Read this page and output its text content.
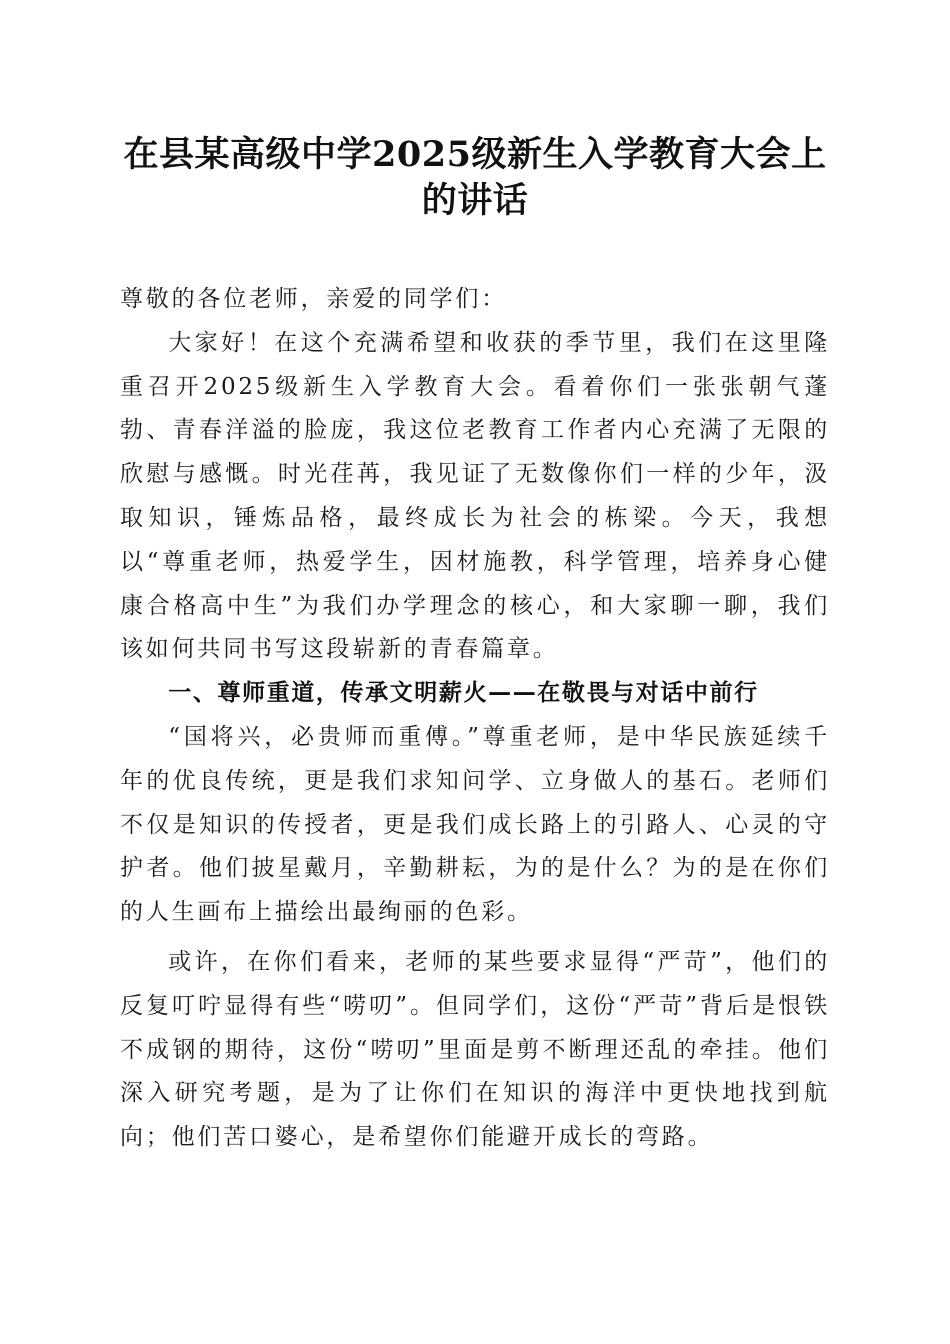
在县某高级中学2025级新生入学教育大会上的讲话

尊敬的各位老师，亲爱的同学们：

大家好！在这个充满希望和收获的季节里，我们在这里隆重召开2025级新生入学教育大会。看着你们一张张朝气蓬勃、青春洋溢的脸庞，我这位老教育工作者内心充满了无限的欣慰与感慨。时光荏苒，我见证了无数像你们一样的少年，汲取知识，锤炼品格，最终成长为社会的栋梁。今天，我想以“尊重老师，热爱学生，因材施教，科学管理，培养身心健康合格高中生”为我们办学理念的核心，和大家聊一聊，我们该如何共同书写这段崭新的青春篇章。

一、尊师重道，传承文明薪火——在敬畏与对话中前行

“国将兴，必贵师而重傅。”尊重老师，是中华民族延续千年的优良传统，更是我们求知问学、立身做人的基石。老师们不仅是知识的传授者，更是我们成长路上的引路人、心灵的守护者。他们披星戴月，辛勤耕耘，为的是什么？为的是在你们的人生画布上描绘出最绚丽的色彩。

或许，在你们看来，老师的某些要求显得“严苛”，他们的反复叮咛显得有些“唠叨”。但同学们，这份“严苛”背后是恨铁不成钢的期待，这份“唠叨”里面是剪不断理还乱的牵挂。他们深入研究考题，是为了让你们在知识的海洋中更快地找到航向；他们苦口婆心，是希望你们能避开成长的弯路。
